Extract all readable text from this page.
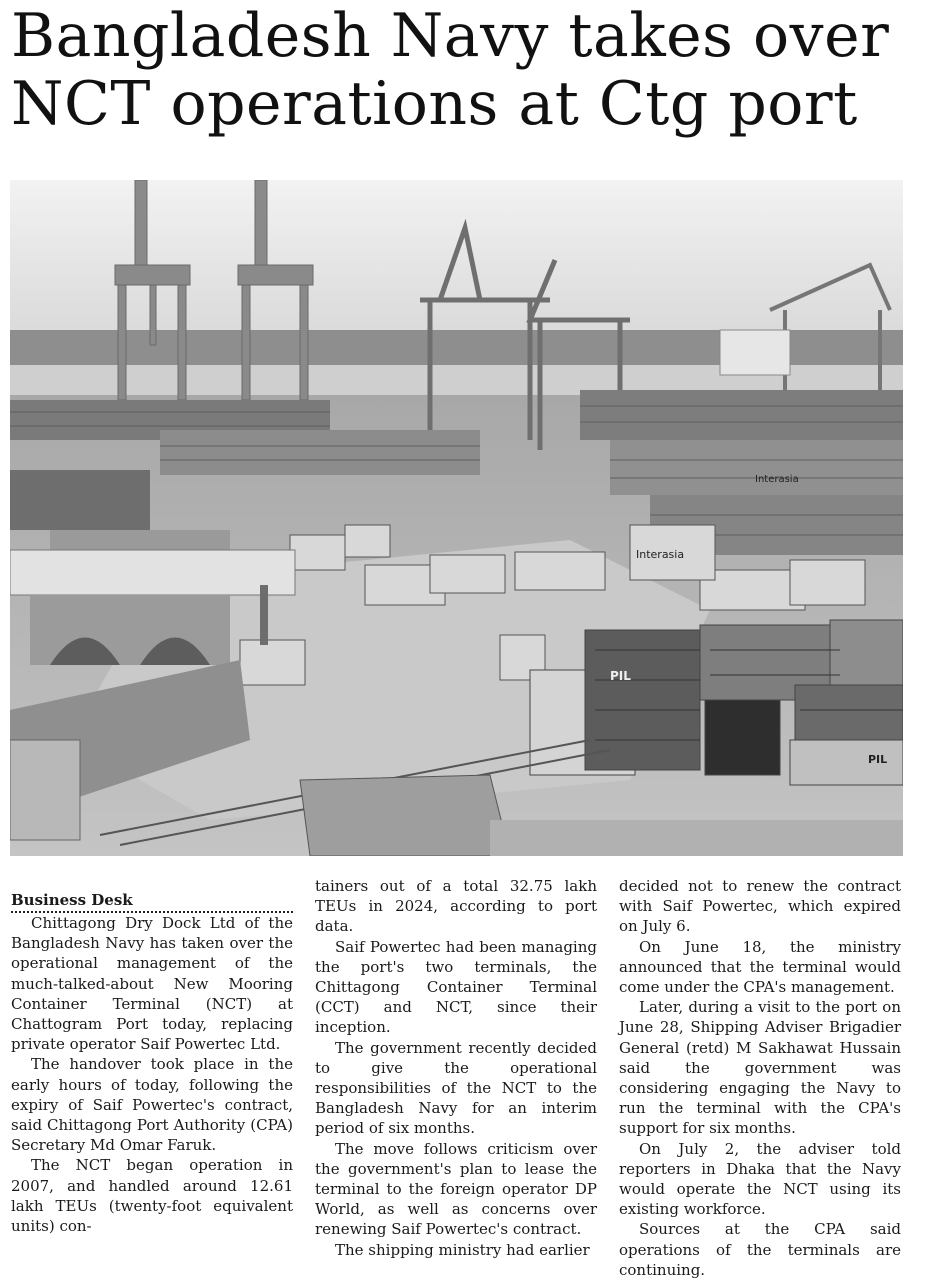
Bangladesh Navy takes over
NCT operations at Ctg port
Interasia
Interasia
PIL
PIL
Business Desk

Chittagong Dry Dock Ltd of the Bangladesh Navy has taken over the operational management of the much-talked-about New Mooring Container Terminal (NCT) at Chattogram Port today, replacing private operator Saif Powertec Ltd.

The handover took place in the early hours of today, following the expiry of Saif Powertec's contract, said Chittagong Port Authority (CPA) Secretary Md Omar Faruk.

The NCT began operation in 2007, and handled around 12.61 lakh TEUs (twenty-foot equivalent units) con-

tainers out of a total 32.75 lakh TEUs in 2024, according to port data.

Saif Powertec had been managing the port's two terminals, the Chittagong Container Terminal (CCT) and NCT, since their inception.

The government recently decided to give the operational responsibilities of the NCT to the Bangladesh Navy for an interim period of six months.

The move follows criticism over the government's plan to lease the terminal to the foreign operator DP World, as well as concerns over renewing Saif Powertec's contract.

The shipping ministry had earlier

decided not to renew the contract with Saif Powertec, which expired on July 6.

On June 18, the ministry announced that the terminal would come under the CPA's management.

Later, during a visit to the port on June 28, Shipping Adviser Brigadier General (retd) M Sakhawat Hussain said the government was considering engaging the Navy to run the terminal with the CPA's support for six months.

On July 2, the adviser told reporters in Dhaka that the Navy would operate the NCT using its existing workforce.

Sources at the CPA said operations of the terminals are continuing.
